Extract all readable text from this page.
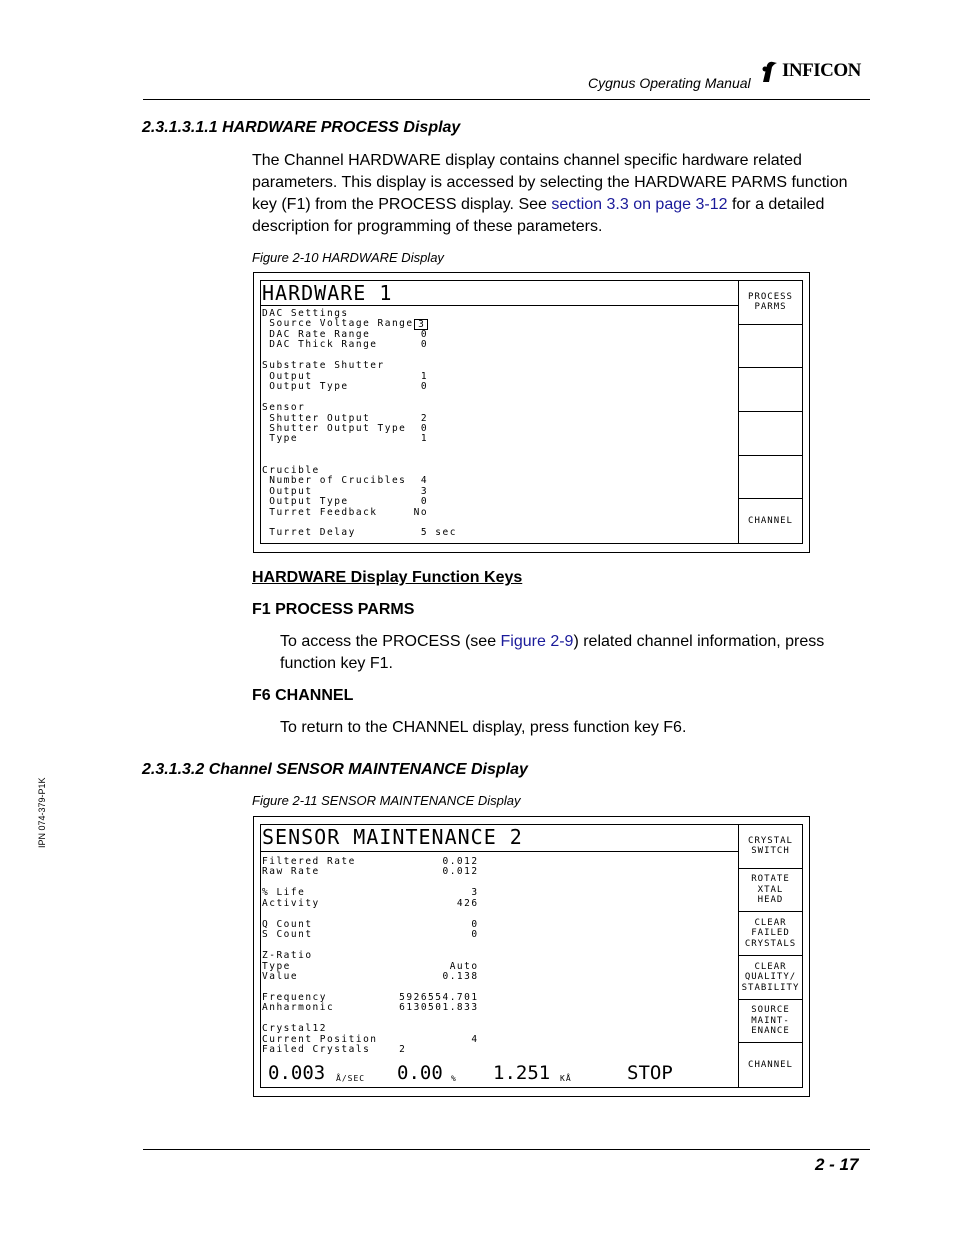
Cygnus Operating Manual
INFICON
2.3.1.3.1.1 HARDWARE PROCESS Display
The Channel HARDWARE display contains channel specific hardware related parameters. This display is accessed by selecting the HARDWARE PARMS function key (F1) from the PROCESS display. See section 3.3 on page 3-12 for a detailed description for programming of these parameters.
Figure 2-10 HARDWARE Display
HARDWARE 1
DAC Settings
Source Voltage Range
DAC Rate Range       0
DAC Thick Range      0
Substrate Shutter
Output               1
Output Type          0
Sensor
Shutter Output       2
Shutter Output Type  0
Type                 1
Crucible
Number of Crucibles  4
Output               3
Output Type          0
Turret Feedback     No
Turret Delay         5 sec
3
PROCESS
PARMS
CHANNEL
HARDWARE Display Function Keys
F1 PROCESS PARMS
To access the PROCESS (see Figure 2-9) related channel information, press function key F1.
F6 CHANNEL
To return to the CHANNEL display, press function key F6.
2.3.1.3.2 Channel SENSOR MAINTENANCE Display
Figure 2-11 SENSOR MAINTENANCE Display
SENSOR MAINTENANCE 2
Filtered Rate            0.012
Raw Rate                 0.012
% Life                       3
Activity                   426
Q Count                      0
S Count                      0
Z-Ratio
Type                      Auto
Value                    0.138
Frequency          5926554.701
Anharmonic         6130501.833
Crystal12
Current Position             4
Failed Crystals    2
0.003 Å/SEC 0.00 % 1.251 KÅ	STOP
CRYSTAL
SWITCH
ROTATE
XTAL
HEAD
CLEAR
FAILED
CRYSTALS
CLEAR
QUALITY/
STABILITY
SOURCE
MAINT-
ENANCE
CHANNEL
IPN 074-379-P1K
2 - 17
